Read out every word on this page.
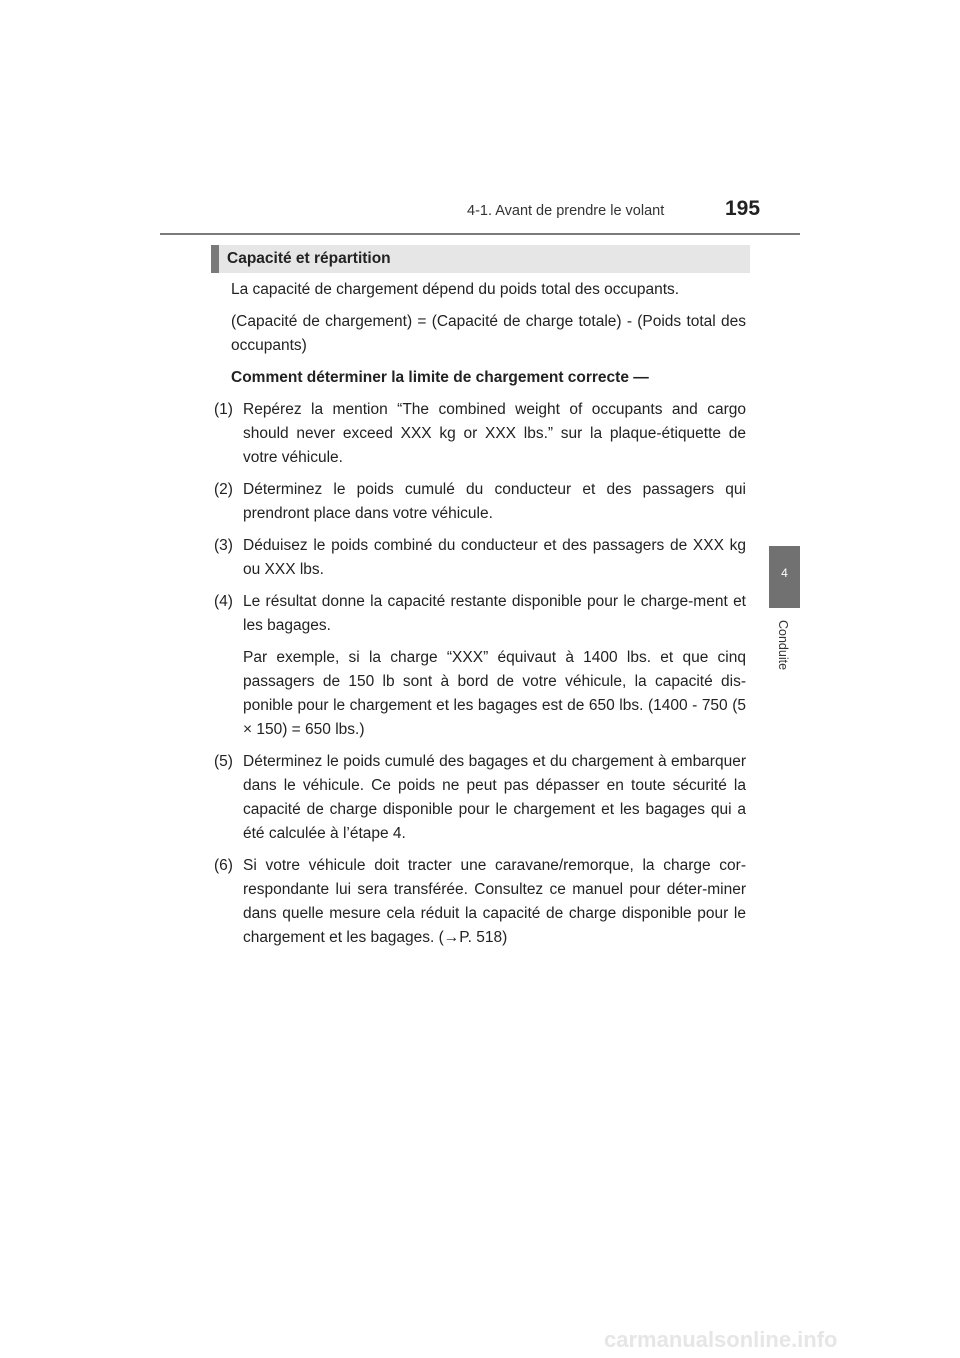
4-1. Avant de prendre le volant	195
4
Conduite
Capacité et répartition

La capacité de chargement dépend du poids total des occupants.

(Capacité de chargement) = (Capacité de charge totale) - (Poids total des occupants)

Comment déterminer la limite de chargement correcte —

(1) Repérez la mention “The combined weight of occupants and cargo should never exceed XXX kg or XXX lbs.” sur la plaque-étiquette de votre véhicule.
(2) Déterminez le poids cumulé du conducteur et des passagers qui prendront place dans votre véhicule.
(3) Déduisez le poids combiné du conducteur et des passagers de XXX kg ou XXX lbs.
(4) Le résultat donne la capacité restante disponible pour le charge-ment et les bagages.

Par exemple, si la charge “XXX” équivaut à 1400 lbs. et que cinq passagers de 150 lb sont à bord de votre véhicule, la capacité dis-ponible pour le chargement et les bagages est de 650 lbs. (1400 - 750 (5 × 150) = 650 lbs.)

(5) Déterminez le poids cumulé des bagages et du chargement à embarquer dans le véhicule. Ce poids ne peut pas dépasser en toute sécurité la capacité de charge disponible pour le chargement et les bagages qui a été calculée à l’étape 4.
(6) Si votre véhicule doit tracter une caravane/remorque, la charge cor-respondante lui sera transférée. Consultez ce manuel pour déter-miner dans quelle mesure cela réduit la capacité de charge disponible pour le chargement et les bagages. (→P. 518)
carmanualsonline.info
